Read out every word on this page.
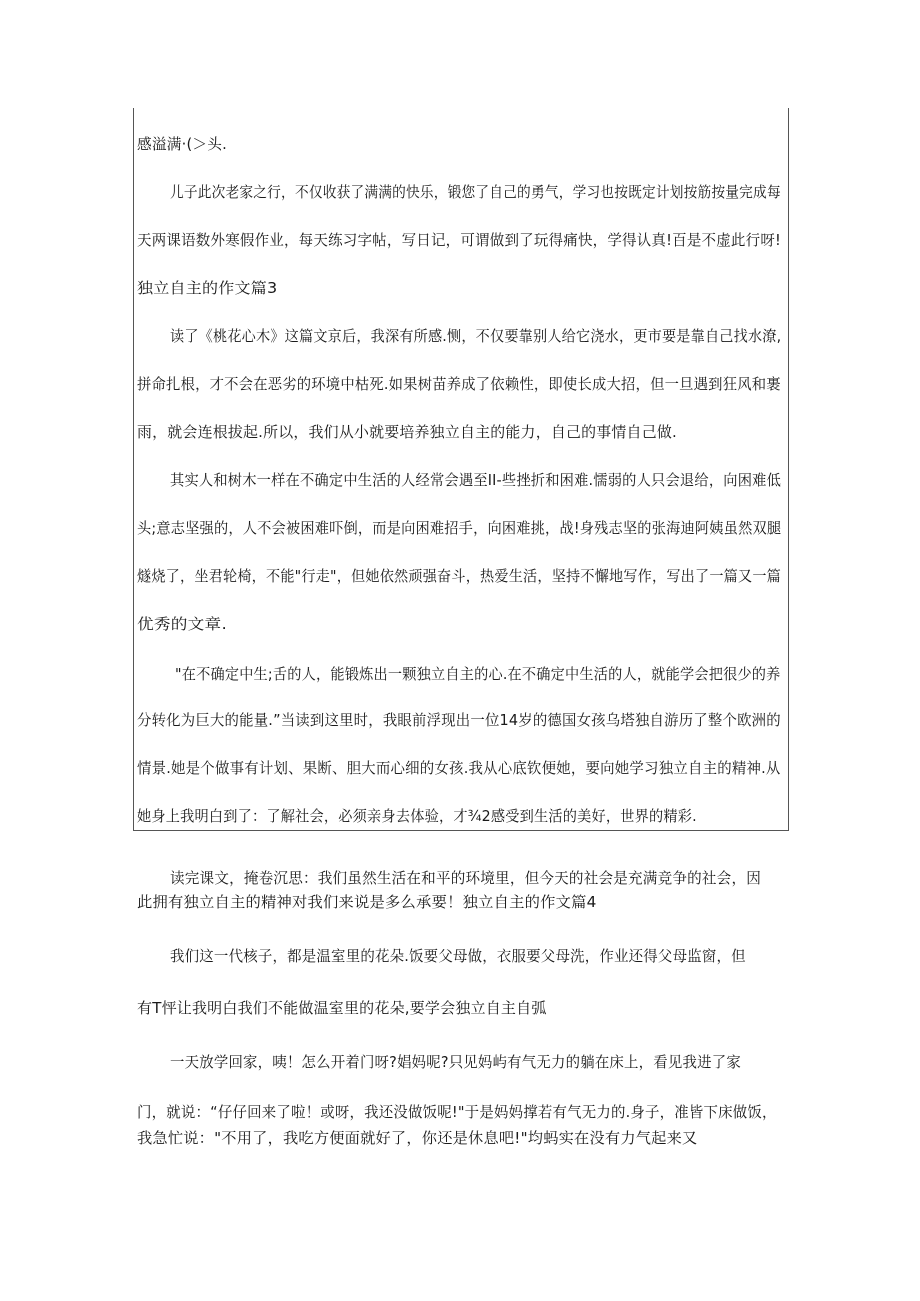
感溢满·(＞头.

儿子此次老家之行，不仅收获了满满的快乐，锻您了自己的勇气，学习也按既定计划按筋按量完成每

天两课语数外寒假作业，每天练习字帖，写日记，可谓做到了玩得痛快，学得认真!百是不虚此行呀!

独立自主的作文篇3

读了《桃花心木》这篇文京后，我深有所感.恻，不仅要靠别人给它浇水，更市要是靠自己找水潦,

拼命扎根，才不会在恶劣的环境中枯死.如果树苗养成了依赖性，即使长成大招，但一旦遇到狂风和裹

雨，就会连根拔起.所以，我们从小就要培养独立自主的能力，自己的事情自己做.

其实人和树木一样在不确定中生活的人经常会遇至II-些挫折和困难.懦弱的人只会退给，向困难低

头;意志坚强的，人不会被困难吓倒，而是向困难招手，向困难挑，战!身残志坚的张海迪阿姨虽然双腿

燧烧了，坐君轮椅，不能"行走"，但她依然顽强奋斗，热爱生活，坚持不懈地写作，写出了一篇又一篇

优秀的文章.

"在不确定中生;舌的人，能锻炼出一颗独立自主的心.在不确定中生活的人，就能学会把很少的养

分转化为巨大的能量.”当读到这里时，我眼前浮现出一位14岁的德国女孩乌塔独自游历了整个欧洲的

情景.她是个做事有计划、果断、胆大而心细的女孩.我从心底钦便她，要向她学习独立自主的精神.从

她身上我明白到了：了解社会，必须亲身去体验，才¾2感受到生活的美好，世界的精彩.

读完课文，掩卷沉思：我们虽然生活在和平的环境里，但今天的社会是充满竞争的社会，因

此拥有独立自主的精神对我们来说是多么承要！独立自主的作文篇4

我们这一代核子，都是温室里的花朵.饭要父母做，衣服要父母洗，作业还得父母监窗，但

有T怦让我明白我们不能做温室里的花朵,要学会独立自主自弧

一天放学回家，咦！怎么开着门呀?娼妈呢?只见妈屿有气无力的躺在床上，看见我进了家

门，就说：“仔仔回来了啦！或呀，我还没做饭呢!"于是妈妈撑若有气无力的.身子，准皆下床做饭，

我急忙说："不用了，我吃方便面就好了，你还是休息吧!"均蚂实在没有力气起来又
